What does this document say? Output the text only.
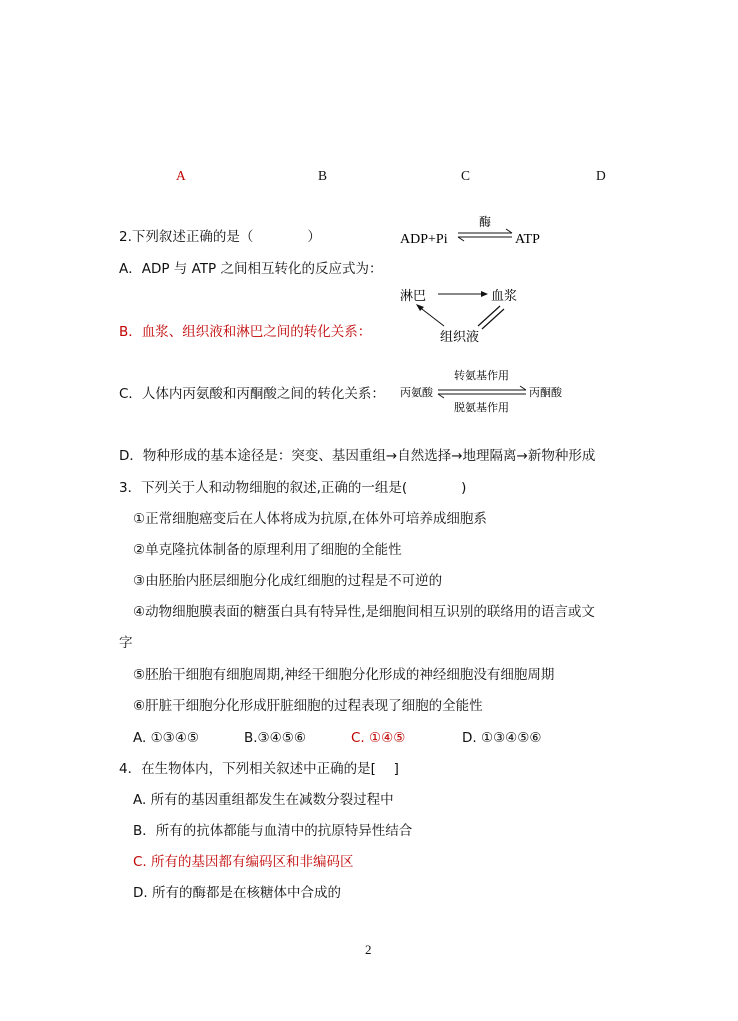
A	B	C	D
2.下列叙述正确的是（　　　　）	ADP+Pi
酶
ATP
A．ADP 与 ATP 之间相互转化的反应式为：
淋巴	血浆
组织液
B．血浆、组织液和淋巴之间的转化关系：
丙氨酸
转氨基作用
脱氨基作用
丙酮酸
C．人体内丙氨酸和丙酮酸之间的转化关系：
D．物种形成的基本途径是：突变、基因重组→自然选择→地理隔离→新物种形成
3．下列关于人和动物细胞的叙述,正确的一组是(　　　　)
①正常细胞癌变后在人体将成为抗原,在体外可培养成细胞系
②单克隆抗体制备的原理利用了细胞的全能性
③由胚胎内胚层细胞分化成红细胞的过程是不可逆的
④动物细胞膜表面的糖蛋白具有特异性,是细胞间相互识别的联络用的语言或文
字
⑤胚胎干细胞有细胞周期,神经干细胞分化形成的神经细胞没有细胞周期
⑥肝脏干细胞分化形成肝脏细胞的过程表现了细胞的全能性
A. ①③④⑤	B.③④⑤⑥	C. ①④⑤	D. ①③④⑤⑥
4．在生物体内，下列相关叙述中正确的是[　 ]
A. 所有的基因重组都发生在减数分裂过程中
B．所有的抗体都能与血清中的抗原特异性结合
C. 所有的基因都有编码区和非编码区
D. 所有的酶都是在核糖体中合成的
2
